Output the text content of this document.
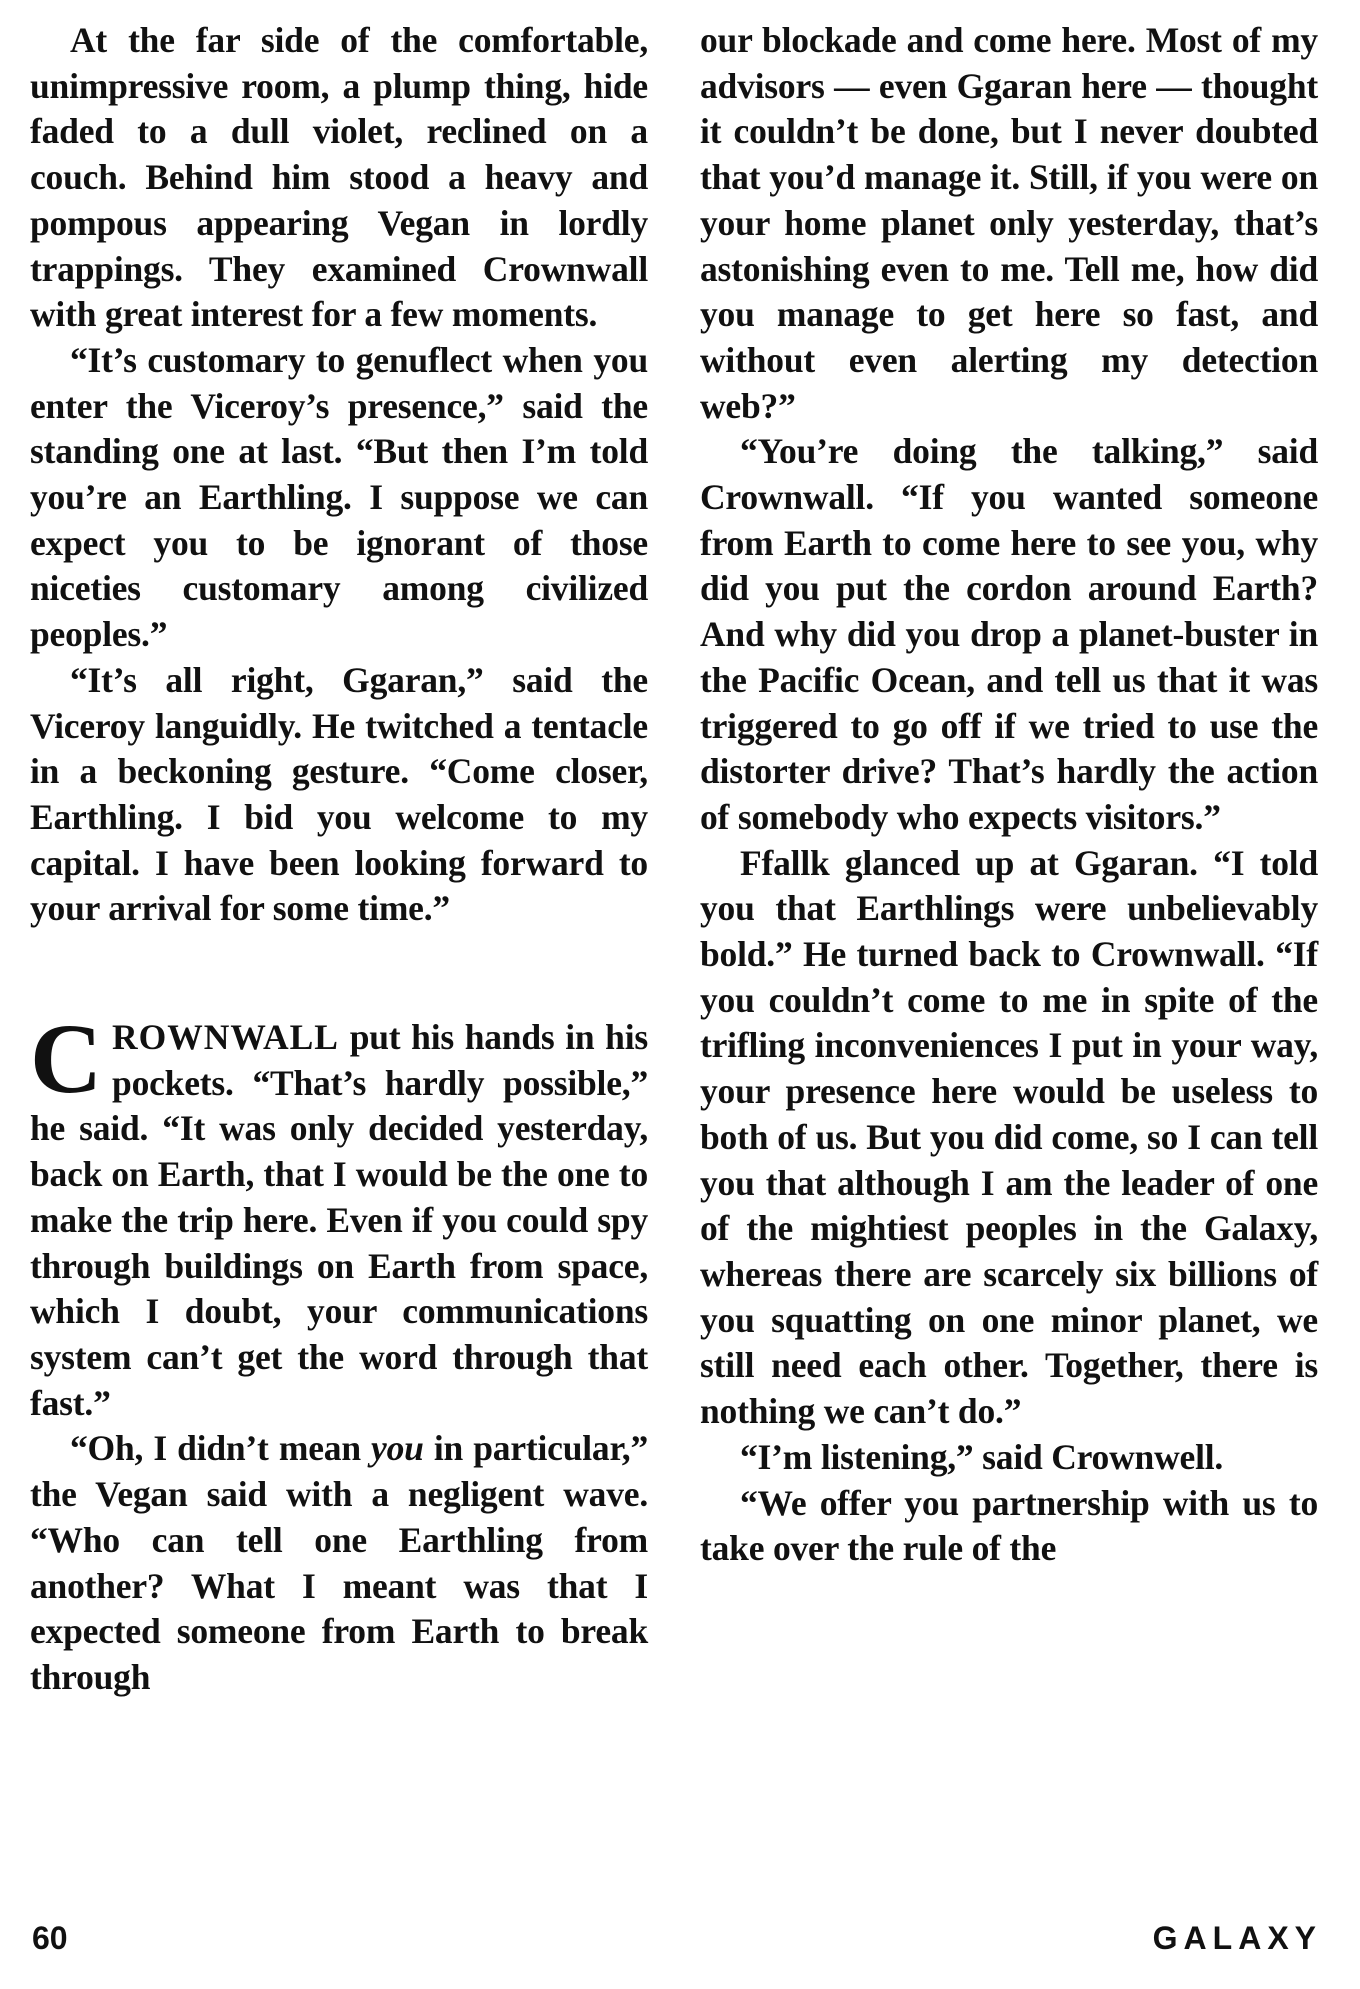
At the far side of the comfortable, unimpressive room, a plump thing, hide faded to a dull violet, reclined on a couch. Behind him stood a heavy and pompous appearing Vegan in lordly trappings. They examined Crownwall with great interest for a few moments.

“It’s customary to genuflect when you enter the Viceroy’s presence,” said the standing one at last. “But then I’m told you’re an Earthling. I suppose we can expect you to be ignorant of those niceties customary among civilized peoples.”

“It’s all right, Ggaran,” said the Viceroy languidly. He twitched a tentacle in a beckoning gesture. “Come closer, Earthling. I bid you welcome to my capital. I have been looking forward to your arrival for some time.”

CROWNWALL put his hands in his pockets. “That’s hardly possible,” he said. “It was only decided yesterday, back on Earth, that I would be the one to make the trip here. Even if you could spy through buildings on Earth from space, which I doubt, your communications system can’t get the word through that fast.”

“Oh, I didn’t mean you in particular,” the Vegan said with a negligent wave. “Who can tell one Earthling from another? What I meant was that I expected someone from Earth to break through

our blockade and come here. Most of my advisors — even Ggaran here — thought it couldn’t be done, but I never doubted that you’d manage it. Still, if you were on your home planet only yesterday, that’s astonishing even to me. Tell me, how did you manage to get here so fast, and without even alerting my detection web?”

“You’re doing the talking,” said Crownwall. “If you wanted someone from Earth to come here to see you, why did you put the cordon around Earth? And why did you drop a planet-buster in the Pacific Ocean, and tell us that it was triggered to go off if we tried to use the distorter drive? That’s hardly the action of somebody who expects visitors.”

Ffallk glanced up at Ggaran. “I told you that Earthlings were unbelievably bold.” He turned back to Crownwall. “If you couldn’t come to me in spite of the trifling inconveniences I put in your way, your presence here would be useless to both of us. But you did come, so I can tell you that although I am the leader of one of the mightiest peoples in the Galaxy, whereas there are scarcely six billions of you squatting on one minor planet, we still need each other. Together, there is nothing we can’t do.”

“I’m listening,” said Crownwell.

“We offer you partnership with us to take over the rule of the

60	GALAXY
